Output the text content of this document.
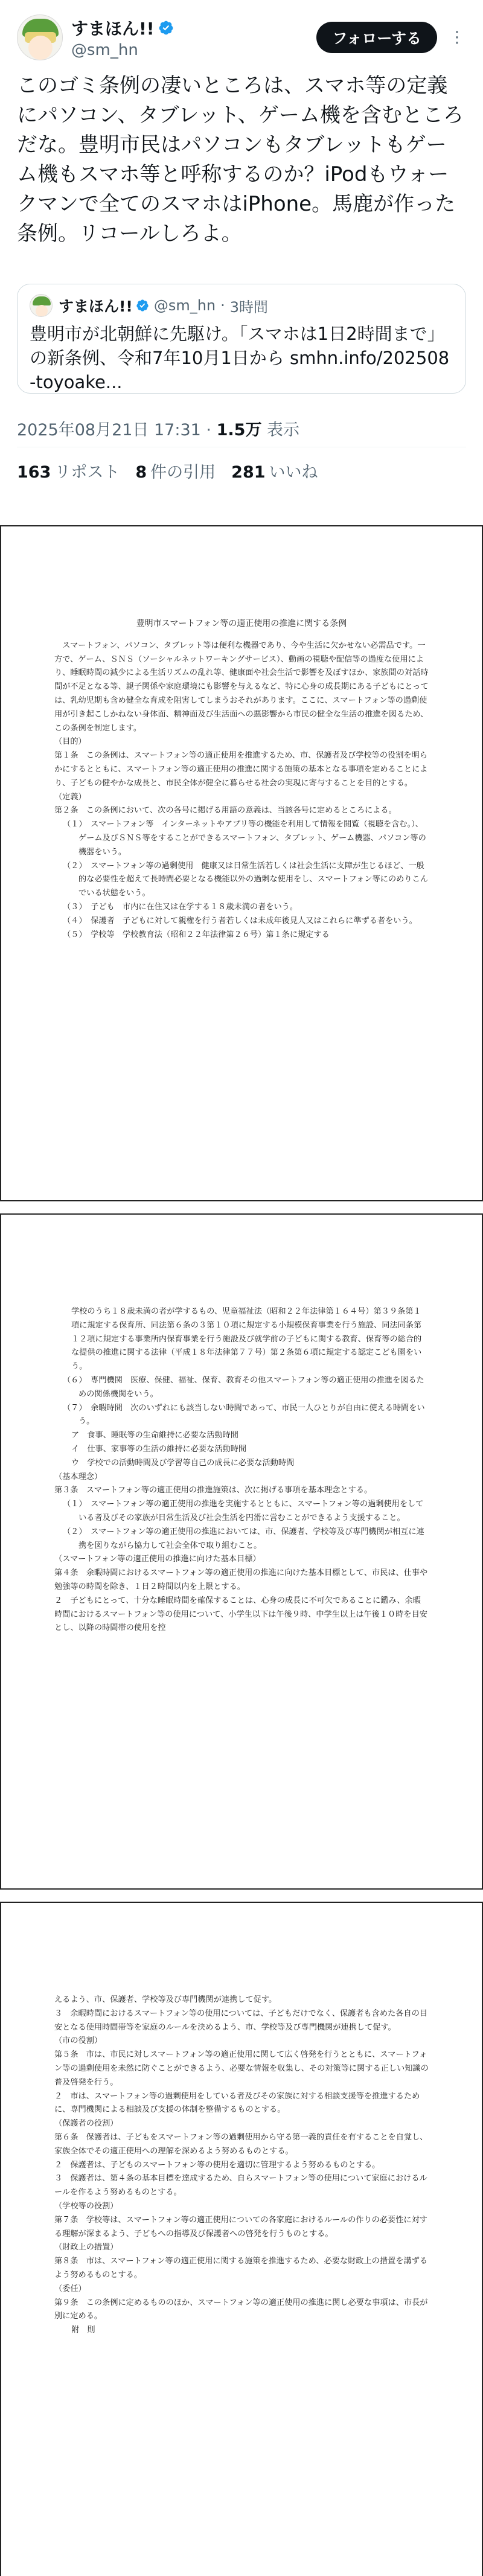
すまほん!!
@sm_hn
フォローする	⋮
このゴミ条例の凄いところは、スマホ等の定義にパソコン、タブレット、ゲーム機を含むところだな。豊明市民はパソコンもタブレットもゲーム機もスマホ等と呼称するのか？iPodもウォークマンで全てのスマホはiPhone。馬鹿が作った条例。リコールしろよ。
すまほん!! @sm_hn · 3時間
豊明市が北朝鮮に先駆け。「スマホは1日2時間まで」の新条例、令和7年10月1日から smhn.info/202508-toyoake...
2025年08月21日 17:31 · 1.5万 表示
163 リポスト 8 件の引用 281 いいね
豊明市スマートフォン等の適正使用の推進に関する条例
　スマートフォン、パソコン、タブレット等は便利な機器であり、今や生活に欠かせない必需品です。一方で、ゲーム、ＳＮＳ（ソーシャルネットワーキングサービス）、動画の視聴や配信等の過度な使用により、睡眠時間の減少による生活リズムの乱れ等、健康面や社会生活で影響を及ぼすほか、家族間の対話時間が不足となる等、親子関係や家庭環境にも影響を与えるなど、特に心身の成長期にある子どもにとっては、乳幼児期も含め健全な育成を阻害してしまうおそれがあります。ここに、スマートフォン等の過剰使用が引き起こしかねない身体面、精神面及び生活面への悪影響から市民の健全な生活の推進を図るため、この条例を制定します。
（目的）
第１条　この条例は、スマートフォン等の適正使用を推進するため、市、保護者及び学校等の役割を明らかにするとともに、スマートフォン等の適正使用の推進に関する施策の基本となる事項を定めることにより、子どもの健やかな成長と、市民全体が健全に暮らせる社会の実現に寄与することを目的とする。
（定義）
第２条　この条例において、次の各号に掲げる用語の意義は、当該各号に定めるところによる。
（１）　スマートフォン等　インターネットやアプリ等の機能を利用して情報を閲覧（視聴を含む。）、ゲーム及びＳＮＳ等をすることができるスマートフォン、タブレット、ゲーム機器、パソコン等の機器をいう。
（２）　スマートフォン等の過剰使用　健康又は日常生活若しくは社会生活に支障が生じるほど、一般的な必要性を超えて長時間必要となる機能以外の過剰な使用をし、スマートフォン等にのめりこんでいる状態をいう。
（３）　子ども　市内に在住又は在学する１８歳未満の者をいう。
（４）　保護者　子どもに対して親権を行う者若しくは未成年後見人又はこれらに準ずる者をいう。
（５）　学校等　学校教育法（昭和２２年法律第２６号）第１条に規定する
学校のうち１８歳未満の者が学するもの、児童福祉法（昭和２２年法律第１６４号）第３９条第１項に規定する保育所、同法第６条の３第１０項に規定する小規模保育事業を行う施設、同法同条第１２項に規定する事業所内保育事業を行う施設及び就学前の子どもに関する教育、保育等の総合的な提供の推進に関する法律（平成１８年法律第７７号）第２条第６項に規定する認定こども園をいう。
（６）　専門機関　医療、保健、福祉、保育、教育その他スマートフォン等の適正使用の推進を図るための関係機関をいう。
（７）　余暇時間　次のいずれにも該当しない時間であって、市民一人ひとりが自由に使える時間をいう。
ア　食事、睡眠等の生命維持に必要な活動時間
イ　仕事、家事等の生活の維持に必要な活動時間
ウ　学校での活動時間及び学習等自己の成長に必要な活動時間
（基本理念）
第３条　スマートフォン等の適正使用の推進施策は、次に掲げる事項を基本理念とする。
（１）　スマートフォン等の適正使用の推進を実施するとともに、スマートフォン等の過剰使用をしている者及びその家族が日常生活及び社会生活を円滑に営むことができるよう支援すること。
（２）　スマートフォン等の適正使用の推進においては、市、保護者、学校等及び専門機関が相互に連携を図りながら協力して社会全体で取り組むこと。
（スマートフォン等の適正使用の推進に向けた基本目標）
第４条　余暇時間におけるスマートフォン等の適正使用の推進に向けた基本目標として、市民は、仕事や勉強等の時間を除き、１日２時間以内を上限とする。
２　子どもにとって、十分な睡眠時間を確保することは、心身の成長に不可欠であることに鑑み、余暇時間におけるスマートフォン等の使用について、小学生以下は午後９時、中学生以上は午後１０時を目安とし、以降の時間帯の使用を控
えるよう、市、保護者、学校等及び専門機関が連携して促す。
３　余暇時間におけるスマートフォン等の使用については、子どもだけでなく、保護者も含めた各自の目安となる使用時間帯等を家庭のルールを決めるよう、市、学校等及び専門機関が連携して促す。
（市の役割）
第５条　市は、市民に対しスマートフォン等の適正使用に関して広く啓発を行うとともに、スマートフォン等の過剰使用を未然に防ぐことができるよう、必要な情報を収集し、その対策等に関する正しい知識の普及啓発を行う。
２　市は、スマートフォン等の過剰使用をしている者及びその家族に対する相談支援等を推進するために、専門機関による相談及び支援の体制を整備するものとする。
（保護者の役割）
第６条　保護者は、子どもをスマートフォン等の過剰使用から守る第一義的責任を有することを自覚し、家族全体でその適正使用への理解を深めるよう努めるものとする。
２　保護者は、子どものスマートフォン等の使用を適切に管理するよう努めるものとする。
３　保護者は、第４条の基本目標を達成するため、自らスマートフォン等の使用について家庭におけるルールを作るよう努めるものとする。
（学校等の役割）
第７条　学校等は、スマートフォン等の適正使用についての各家庭におけるルールの作りの必要性に対する理解が深まるよう、子どもへの指導及び保護者への啓発を行うものとする。
（財政上の措置）
第８条　市は、スマートフォン等の適正使用に関する施策を推進するため、必要な財政上の措置を講ずるよう努めるものとする。
（委任）
第９条　この条例に定めるもののほか、スマートフォン等の適正使用の推進に関し必要な事項は、市長が別に定める。
附　則
